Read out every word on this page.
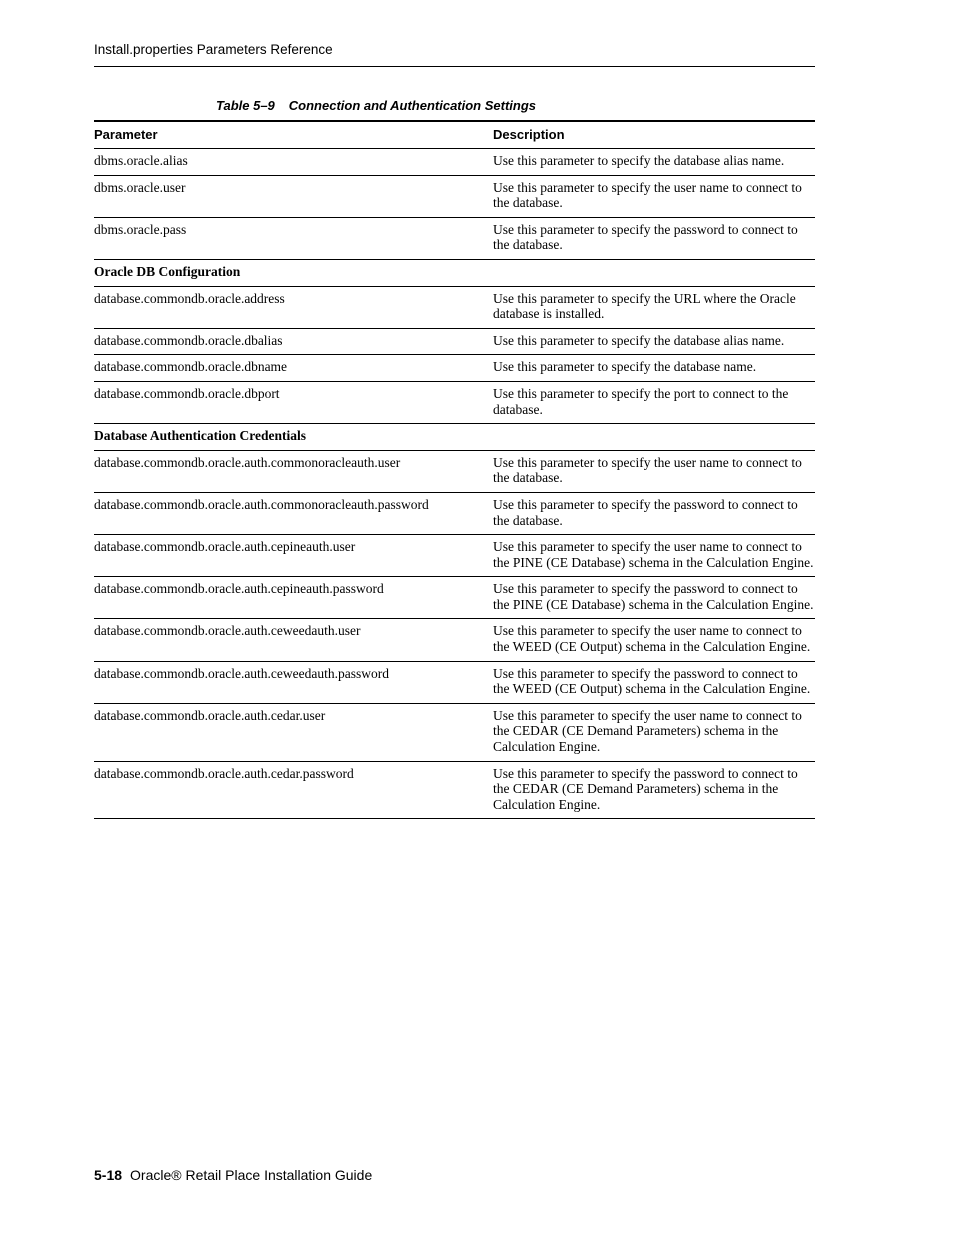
Install.properties Parameters Reference
Table 5–9 Connection and Authentication Settings
Parameter	Description
dbms.oracle.alias	Use this parameter to specify the database alias name.
dbms.oracle.user	Use this parameter to specify the user name to connect to the database.
dbms.oracle.pass	Use this parameter to specify the password to connect to the database.
Oracle DB Configuration	
database.commondb.oracle.address	Use this parameter to specify the URL where the Oracle database is installed.
database.commondb.oracle.dbalias	Use this parameter to specify the database alias name.
database.commondb.oracle.dbname	Use this parameter to specify the database name.
database.commondb.oracle.dbport	Use this parameter to specify the port to connect to the database.
Database Authentication Credentials	
database.commondb.oracle.auth.commonoracleauth.user	Use this parameter to specify the user name to connect to the database.
database.commondb.oracle.auth.commonoracleauth.password	Use this parameter to specify the password to connect to the database.
database.commondb.oracle.auth.cepineauth.user	Use this parameter to specify the user name to connect to the PINE (CE Database) schema in the Calculation Engine.
database.commondb.oracle.auth.cepineauth.password	Use this parameter to specify the password to connect to the PINE (CE Database) schema in the Calculation Engine.
database.commondb.oracle.auth.ceweedauth.user	Use this parameter to specify the user name to connect to the WEED (CE Output) schema in the Calculation Engine.
database.commondb.oracle.auth.ceweedauth.password	Use this parameter to specify the password to connect to the WEED (CE Output) schema in the Calculation Engine.
database.commondb.oracle.auth.cedar.user	Use this parameter to specify the user name to connect to the CEDAR (CE Demand Parameters) schema in the Calculation Engine.
database.commondb.oracle.auth.cedar.password	Use this parameter to specify the password to connect to the CEDAR (CE Demand Parameters) schema in the Calculation Engine.
5-18 Oracle® Retail Place Installation Guide
